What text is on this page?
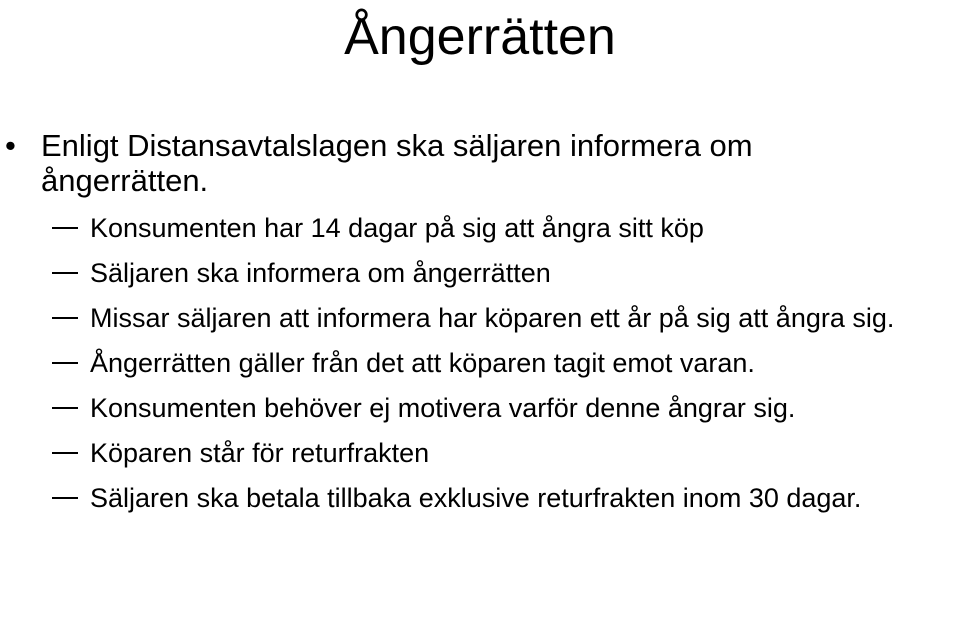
Ångerrätten
• Enligt Distansavtalslagen ska säljaren informera om ångerrätten.
Konsumenten har 14 dagar på sig att ångra sitt köp
Säljaren ska informera om ångerrätten
Missar säljaren att informera har köparen ett år på sig att ångra sig.
Ångerrätten gäller från det att köparen tagit emot varan.
Konsumenten behöver ej motivera varför denne ångrar sig.
Köparen står för returfrakten
Säljaren ska betala tillbaka exklusive returfrakten inom 30 dagar.
